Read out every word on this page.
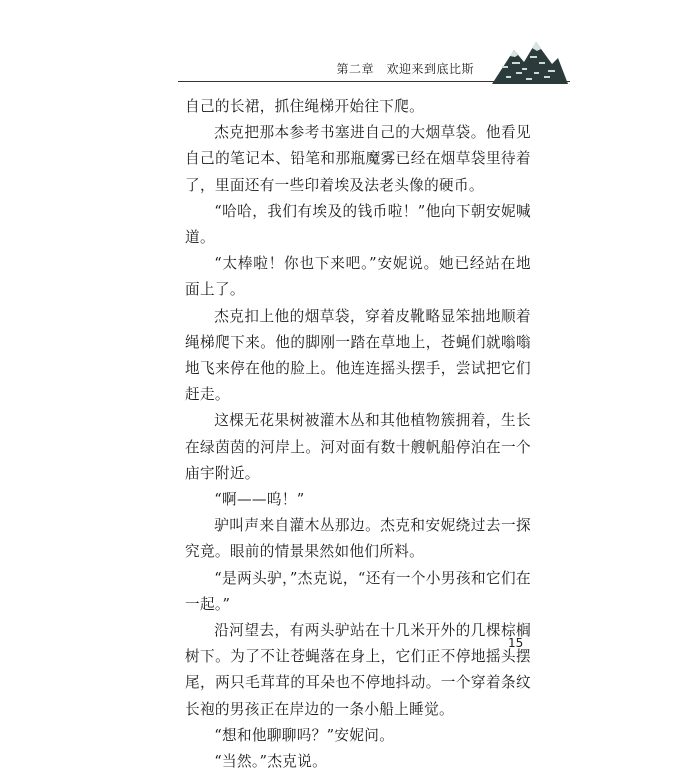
第二章　欢迎来到底比斯

自己的长裙，抓住绳梯开始往下爬。

杰克把那本参考书塞进自己的大烟草袋。他看见自己的笔记本、铅笔和那瓶魔雾已经在烟草袋里待着了，里面还有一些印着埃及法老头像的硬币。

“哈哈，我们有埃及的钱币啦！”他向下朝安妮喊道。

“太棒啦！你也下来吧。”安妮说。她已经站在地面上了。

杰克扣上他的烟草袋，穿着皮靴略显笨拙地顺着绳梯爬下来。他的脚刚一踏在草地上，苍蝇们就嗡嗡地飞来停在他的脸上。他连连摇头摆手，尝试把它们赶走。

这棵无花果树被灌木丛和其他植物簇拥着，生长在绿茵茵的河岸上。河对面有数十艘帆船停泊在一个庙宇附近。

“啊——呜！”

驴叫声来自灌木丛那边。杰克和安妮绕过去一探究竟。眼前的情景果然如他们所料。

“是两头驴，”杰克说，“还有一个小男孩和它们在一起。”

沿河望去，有两头驴站在十几米开外的几棵棕榈树下。为了不让苍蝇落在身上，它们正不停地摇头摆尾，两只毛茸茸的耳朵也不停地抖动。一个穿着条纹长袍的男孩正在岸边的一条小船上睡觉。

“想和他聊聊吗？”安妮问。

“当然。”杰克说。

15
